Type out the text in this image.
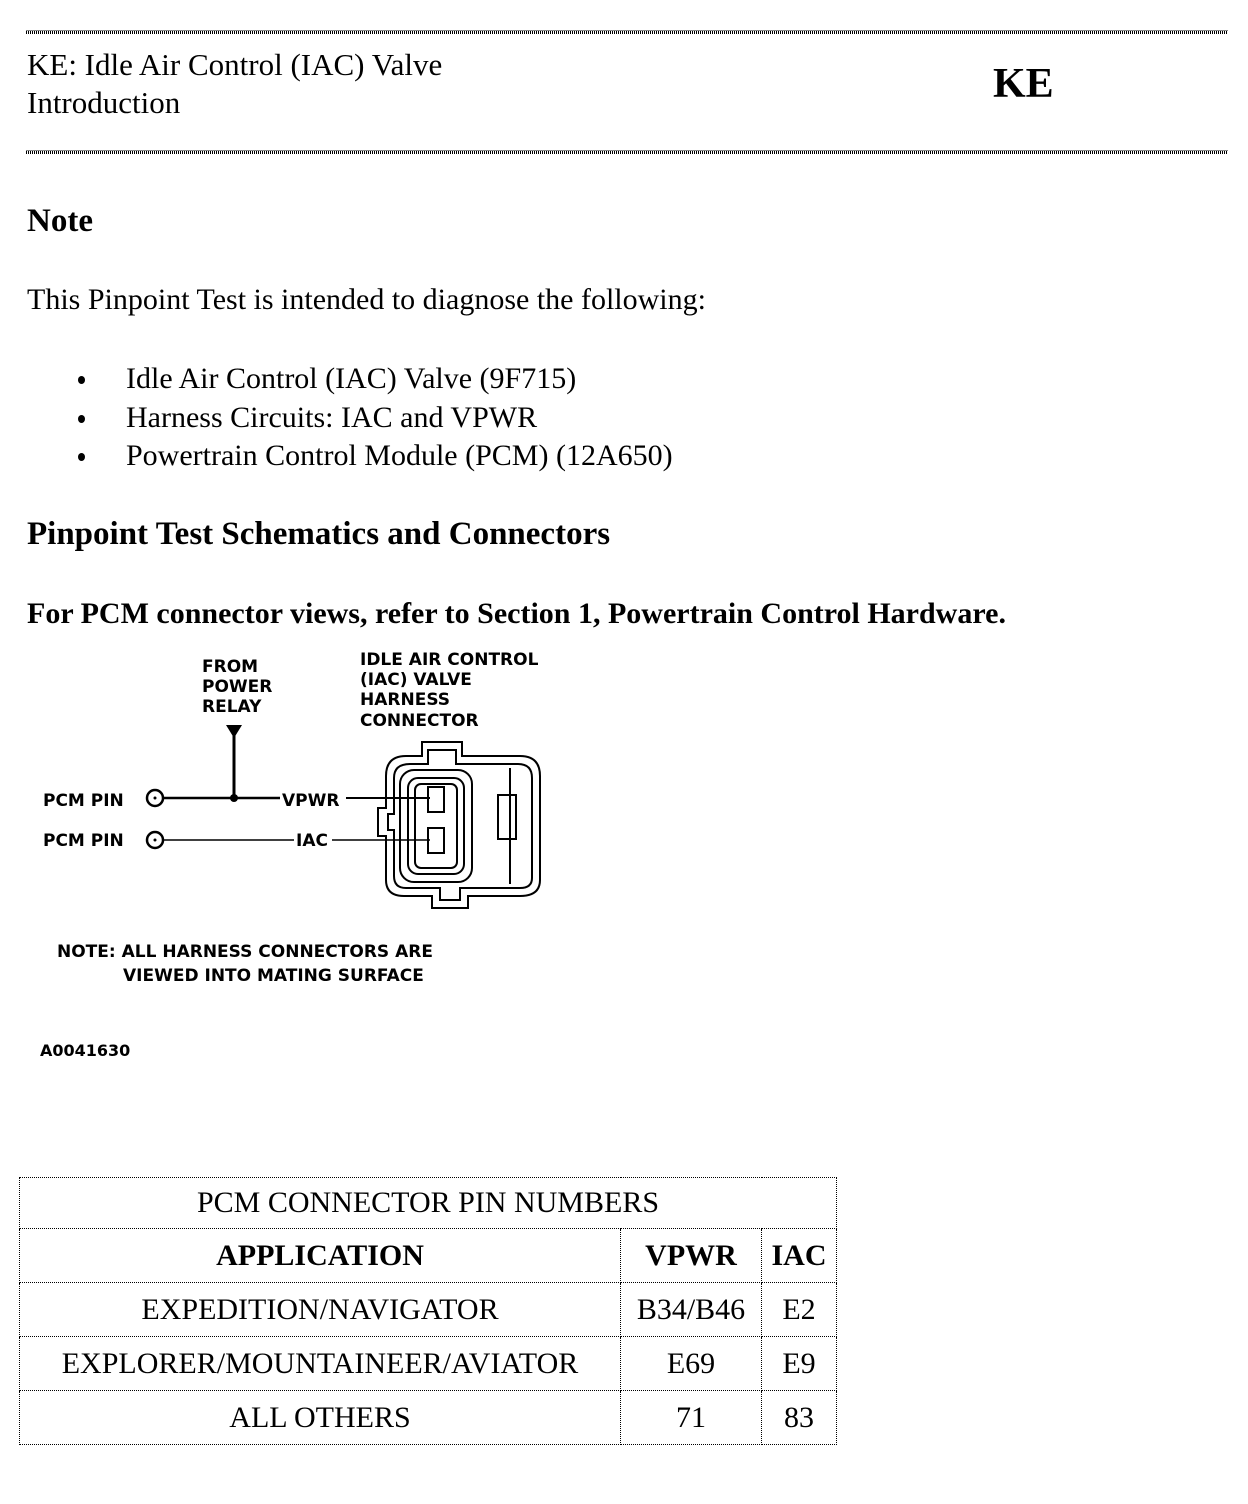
KE: Idle Air Control (IAC) Valve
Introduction	KE
Note
This Pinpoint Test is intended to diagnose the following:
Idle Air Control (IAC) Valve (9F715)
Harness Circuits: IAC and VPWR
Powertrain Control Module (PCM) (12A650)
Pinpoint Test Schematics and Connectors
For PCM connector views, refer to Section 1, Powertrain Control Hardware.
FROM
POWER
RELAY
IDLE AIR CONTROL
(IAC) VALVE
HARNESS
CONNECTOR
PCM PIN
PCM PIN
VPWR
IAC
NOTE: ALL HARNESS CONNECTORS ARE
VIEWED INTO MATING SURFACE
A0041630
PCM CONNECTOR PIN NUMBERS		
APPLICATION	VPWR	IAC
EXPEDITION/NAVIGATOR	B34/B46	E2
EXPLORER/MOUNTAINEER/AVIATOR	E69	E9
ALL OTHERS	71	83
